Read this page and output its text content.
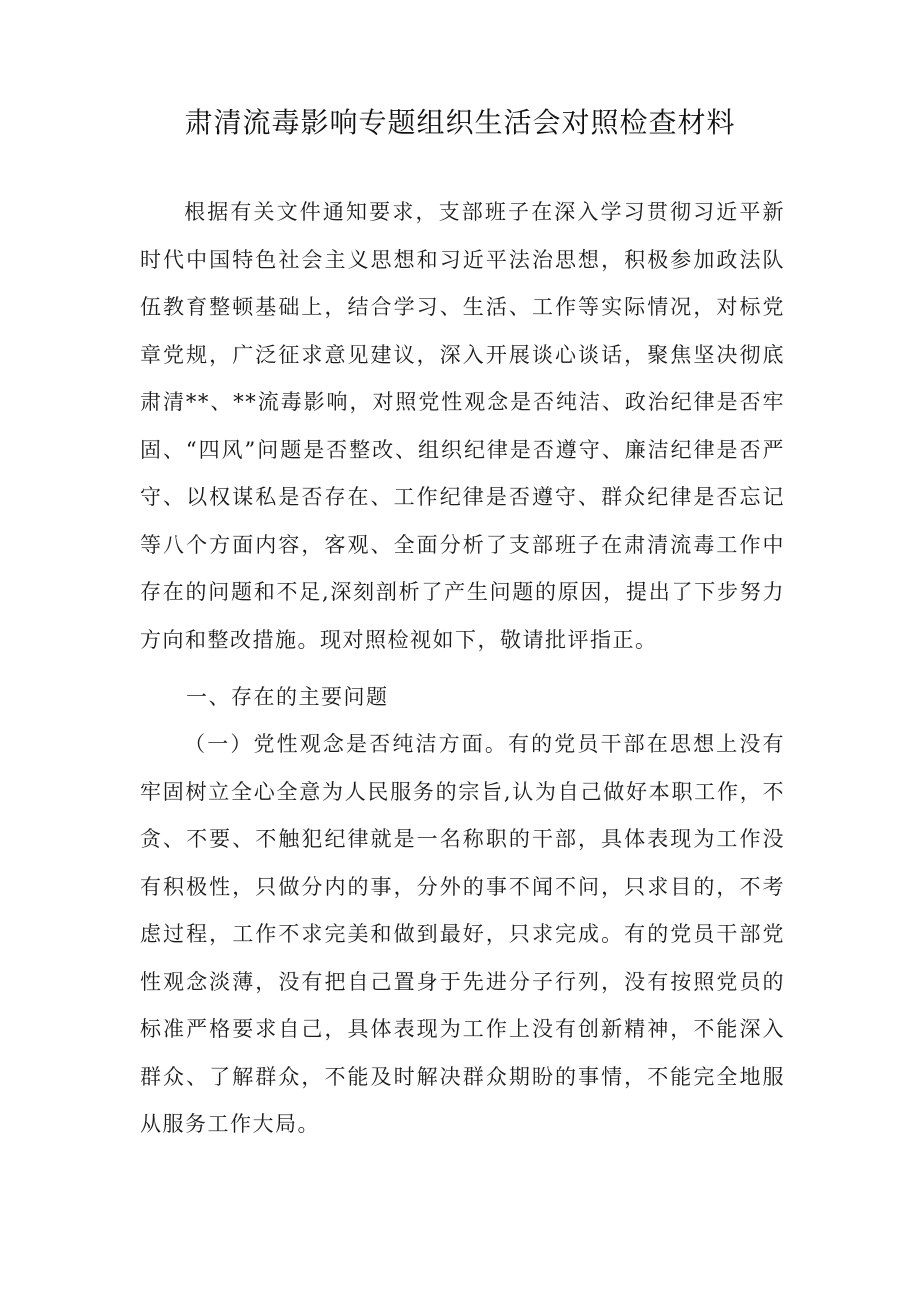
肃清流毒影响专题组织生活会对照检查材料

根据有关文件通知要求，支部班子在深入学习贯彻习近平新时代中国特色社会主义思想和习近平法治思想，积极参加政法队伍教育整顿基础上，结合学习、生活、工作等实际情况，对标党章党规，广泛征求意见建议，深入开展谈心谈话，聚焦坚决彻底肃清**、**流毒影响，对照党性观念是否纯洁、政治纪律是否牢固、“四风”问题是否整改、组织纪律是否遵守、廉洁纪律是否严守、以权谋私是否存在、工作纪律是否遵守、群众纪律是否忘记等八个方面内容，客观、全面分析了支部班子在肃清流毒工作中存在的问题和不足,深刻剖析了产生问题的原因，提出了下步努力方向和整改措施。现对照检视如下，敬请批评指正。

一、存在的主要问题

（一）党性观念是否纯洁方面。有的党员干部在思想上没有牢固树立全心全意为人民服务的宗旨,认为自己做好本职工作，不贪、不要、不触犯纪律就是一名称职的干部，具体表现为工作没有积极性，只做分内的事，分外的事不闻不问，只求目的，不考虑过程，工作不求完美和做到最好，只求完成。有的党员干部党性观念淡薄，没有把自己置身于先进分子行列，没有按照党员的标准严格要求自己，具体表现为工作上没有创新精神，不能深入群众、了解群众，不能及时解决群众期盼的事情，不能完全地服从服务工作大局。
